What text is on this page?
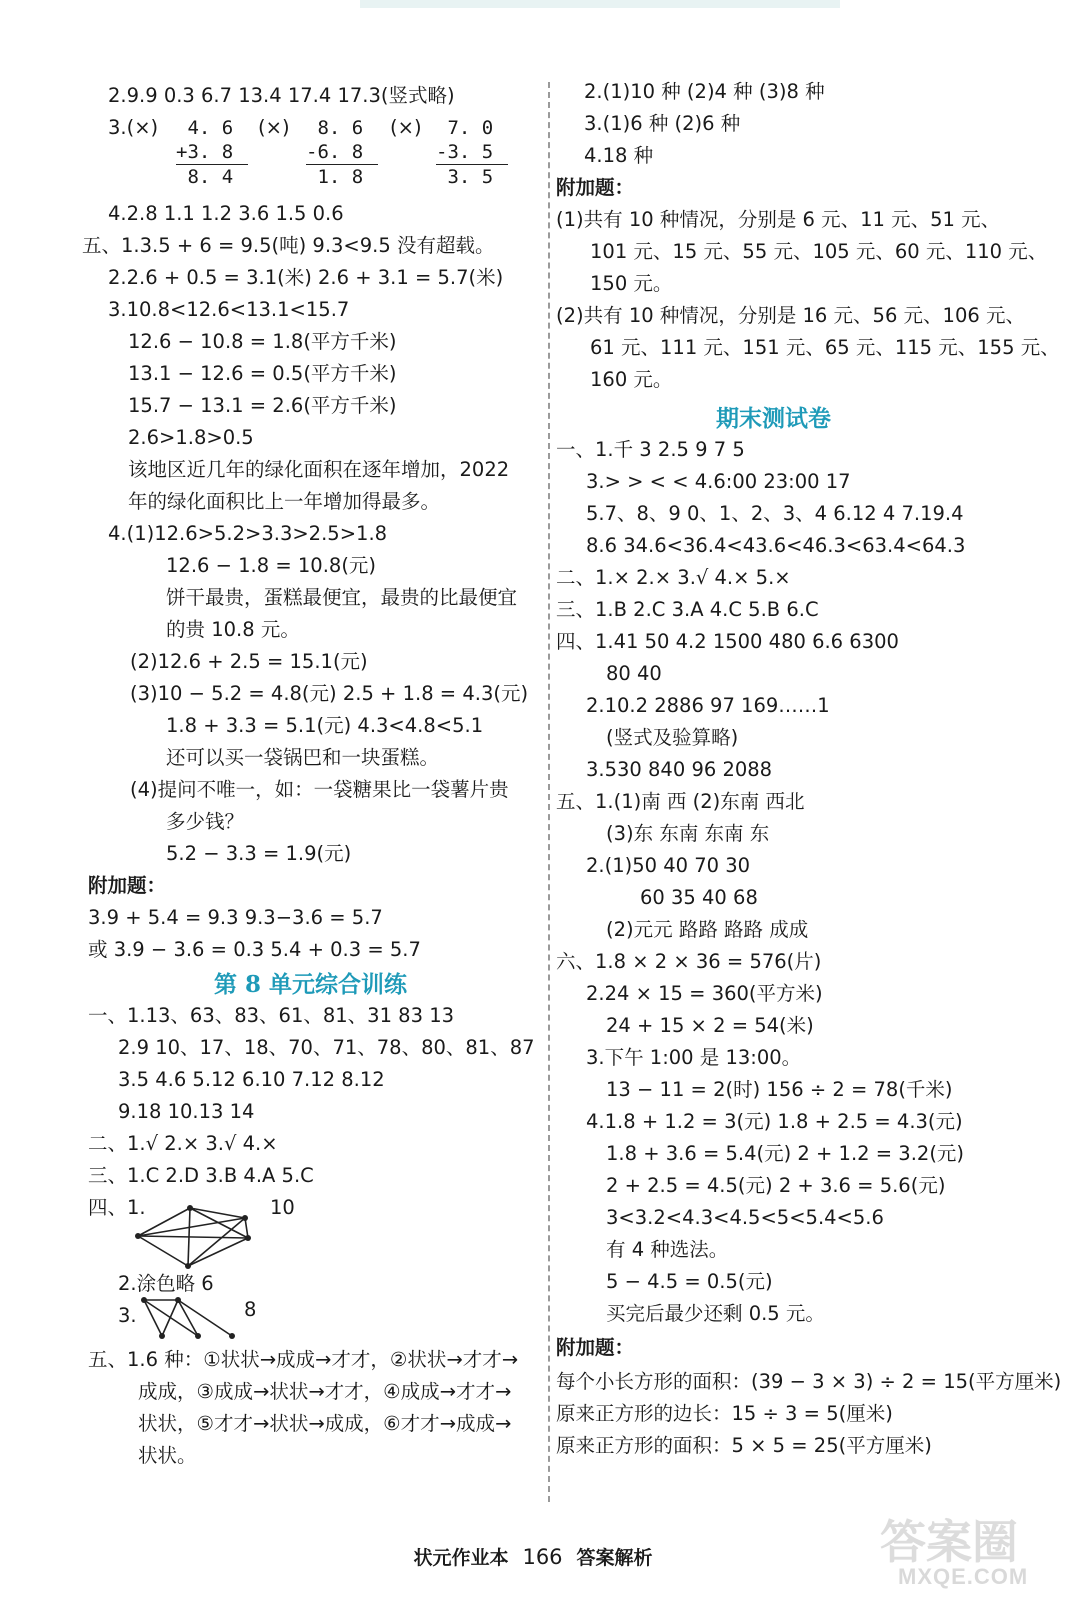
2.9.9 0.3 6.7 13.4 17.4 17.3(竖式略)
3.(×)	(×)	(×)
4. 6
+3. 8
8. 4
8. 6
-6. 8
1. 8
7. 0
-3. 5
3. 5
4.2.8 1.1 1.2 3.6 1.5 0.6
五、1.3.5 + 6 = 9.5(吨) 9.3<9.5 没有超载。
2.2.6 + 0.5 = 3.1(米) 2.6 + 3.1 = 5.7(米)
3.10.8<12.6<13.1<15.7
12.6 − 10.8 = 1.8(平方千米)
13.1 − 12.6 = 0.5(平方千米)
15.7 − 13.1 = 2.6(平方千米)
2.6>1.8>0.5
该地区近几年的绿化面积在逐年增加，2022
年的绿化面积比上一年增加得最多。
4.(1)12.6>5.2>3.3>2.5>1.8
12.6 − 1.8 = 10.8(元)
饼干最贵，蛋糕最便宜，最贵的比最便宜
的贵 10.8 元。
(2)12.6 + 2.5 = 15.1(元)
(3)10 − 5.2 = 4.8(元) 2.5 + 1.8 = 4.3(元)
1.8 + 3.3 = 5.1(元) 4.3<4.8<5.1
还可以买一袋锅巴和一块蛋糕。
(4)提问不唯一，如：一袋糖果比一袋薯片贵
多少钱？
5.2 − 3.3 = 1.9(元)
附加题：
3.9 + 5.4 = 9.3 9.3−3.6 = 5.7
或 3.9 − 3.6 = 0.3 5.4 + 0.3 = 5.7
第 8 单元综合训练
一、1.13、63、83、61、81、31 83 13
2.9 10、17、18、70、71、78、80、81、87
3.5 4.6 5.12 6.10 7.12 8.12
9.18 10.13 14
二、1.√ 2.× 3.√ 4.×
三、1.C 2.D 3.B 4.A 5.C
四、1.	10
2.涂色略 6
3.	8
五、1.6 种：①状状→成成→才才，②状状→才才→
成成，③成成→状状→才才，④成成→才才→
状状，⑤才才→状状→成成，⑥才才→成成→
状状。
2.(1)10 种 (2)4 种 (3)8 种
3.(1)6 种 (2)6 种
4.18 种
附加题：
(1)共有 10 种情况，分别是 6 元、11 元、51 元、
101 元、15 元、55 元、105 元、60 元、110 元、
150 元。
(2)共有 10 种情况，分别是 16 元、56 元、106 元、
61 元、111 元、151 元、65 元、115 元、155 元、
160 元。
期末测试卷
一、1.千 3 2.5 9 7 5
3.> > < < 4.6:00 23:00 17
5.7、8、9 0、1、2、3、4 6.12 4 7.19.4
8.6 34.6<36.4<43.6<46.3<63.4<64.3
二、1.× 2.× 3.√ 4.× 5.×
三、1.B 2.C 3.A 4.C 5.B 6.C
四、1.41 50 4.2 1500 480 6.6 6300
80 40
2.10.2 2886 97 169……1
(竖式及验算略)
3.530 840 96 2088
五、1.(1)南 西 (2)东南 西北
(3)东 东南 东南 东
2.(1)50 40 70 30
60 35 40 68
(2)元元 路路 路路 成成
六、1.8 × 2 × 36 = 576(片)
2.24 × 15 = 360(平方米)
24 + 15 × 2 = 54(米)
3.下午 1:00 是 13:00。
13 − 11 = 2(时) 156 ÷ 2 = 78(千米)
4.1.8 + 1.2 = 3(元) 1.8 + 2.5 = 4.3(元)
1.8 + 3.6 = 5.4(元) 2 + 1.2 = 3.2(元)
2 + 2.5 = 4.5(元) 2 + 3.6 = 5.6(元)
3<3.2<4.3<4.5<5<5.4<5.6
有 4 种选法。
5 − 4.5 = 0.5(元)
买完后最少还剩 0.5 元。
附加题：
每个小长方形的面积：(39 − 3 × 3) ÷ 2 = 15(平方厘米)
原来正方形的边长：15 ÷ 3 = 5(厘米)
原来正方形的面积：5 × 5 = 25(平方厘米)
状元作业本 166 答案解析	答案圈
MXQE.COM
